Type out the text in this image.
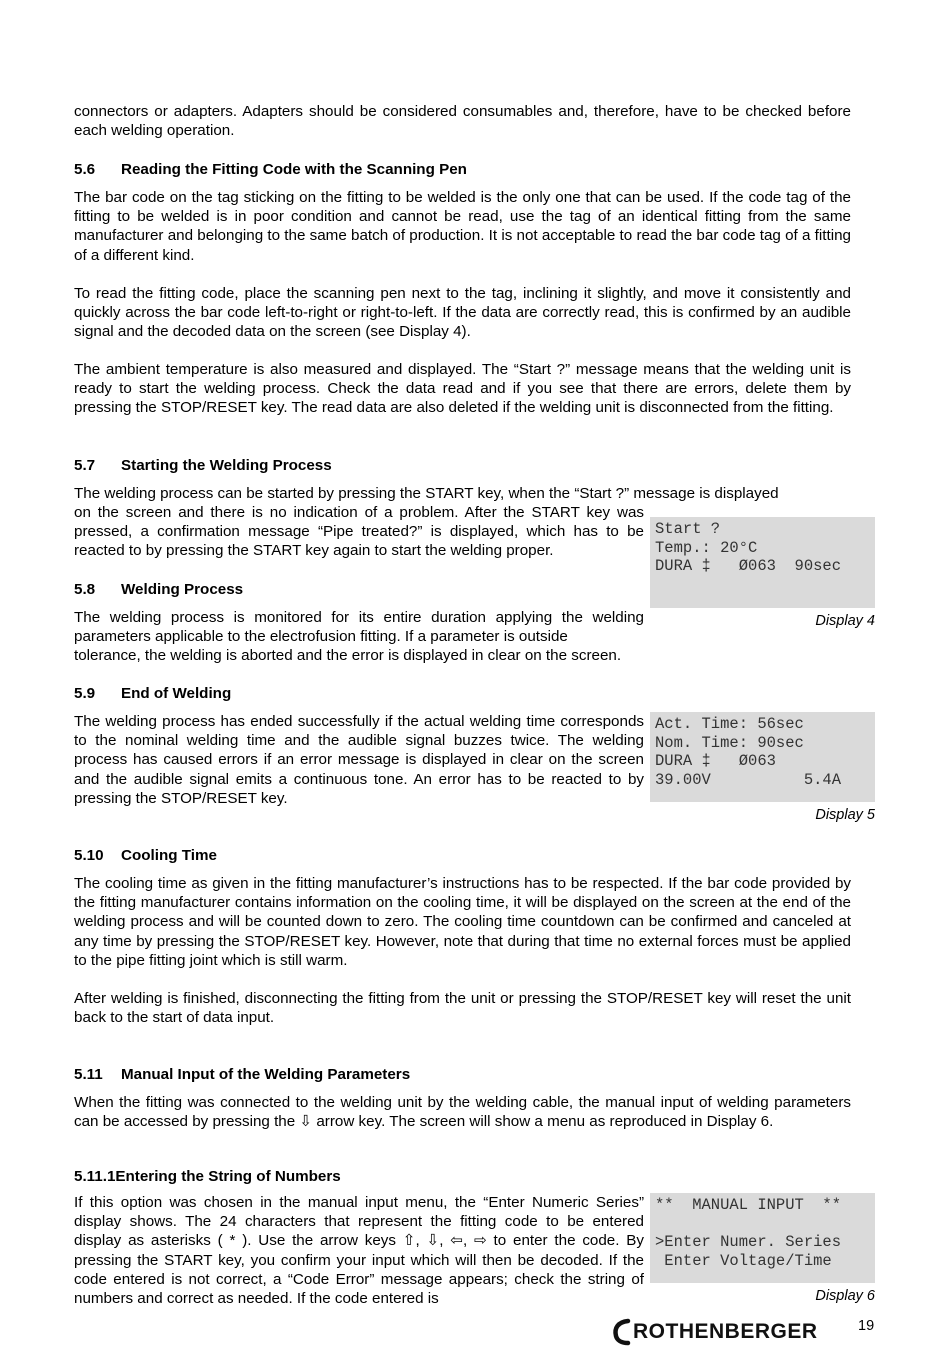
connectors or adapters. Adapters should be considered consumables and, therefore, have to be checked before each welding operation.

5.6 Reading the Fitting Code with the Scanning Pen

The bar code on the tag sticking on the fitting to be welded is the only one that can be used. If the code tag of the fitting to be welded is in poor condition and cannot be read, use the tag of an identical fitting from the same manufacturer and belonging to the same batch of production. It is not acceptable to read the bar code tag of a fitting of a different kind.

To read the fitting code, place the scanning pen next to the tag, inclining it slightly, and move it consistently and quickly across the bar code left-to-right or right-to-left. If the data are correctly read, this is confirmed by an audible signal and the decoded data on the screen (see Display 4).

The ambient temperature is also measured and displayed. The “Start ?” message means that the welding unit is ready to start the welding process. Check the data read and if you see that there are errors, delete them by pressing the STOP/RESET key. The read data are also deleted if the welding unit is disconnected from the fitting.

5.7 Starting the Welding Process

The welding process can be started by pressing the START key, when the “Start ?” message is displayed

on the screen and there is no indication of a problem. After the START key was pressed, a confirmation message “Pipe treated?” is displayed, which has to be reacted to by pressing the START key again to start the welding proper.

Start ?
Temp.: 20°C
DURA ‡   Ø063  90sec
Display 4
5.8 Welding Process

The welding process is monitored for its entire duration applying the welding parameters applicable to the electrofusion fitting. If a parameter is outside

tolerance, the welding is aborted and the error is displayed in clear on the screen.

5.9 End of Welding

The welding process has ended successfully if the actual welding time corresponds to the nominal welding time and the audible signal buzzes twice. The welding process has caused errors if an error message is displayed in clear on the screen and the audible signal emits a continuous tone. An error has to be reacted to by pressing the STOP/RESET key.

Act. Time: 56sec
Nom. Time: 90sec
DURA ‡   Ø063
39.00V          5.4A
Display 5
5.10 Cooling Time

The cooling time as given in the fitting manufacturer’s instructions has to be respected. If the bar code provided by the fitting manufacturer contains information on the cooling time, it will be displayed on the screen at the end of the welding process and will be counted down to zero. The cooling time countdown can be confirmed and canceled at any time by pressing the STOP/RESET key. However, note that during that time no external forces must be applied to the pipe fitting joint which is still warm.

After welding is finished, disconnecting the fitting from the unit or pressing the STOP/RESET key will reset the unit back to the start of data input.

5.11 Manual Input of the Welding Parameters

When the fitting was connected to the welding unit by the welding cable, the manual input of welding parameters can be accessed by pressing the ⇩ arrow key. The screen will show a menu as reproduced in Display 6.

5.11.1Entering the String of Numbers

If this option was chosen in the manual input menu, the “Enter Numeric Series” display shows. The 24 characters that represent the fitting code to be entered display as asterisks ( * ). Use the arrow keys ⇧, ⇩, ⇦, ⇨ to enter the code. By pressing the START key, you confirm your input which will then be decoded. If the code entered is not correct, a “Code Error” message appears; check the string of numbers and correct as needed. If the code entered is

**  MANUAL INPUT  **
>Enter Numer. Series
Enter Voltage/Time
Display 6
ROTHENBERGER	19
